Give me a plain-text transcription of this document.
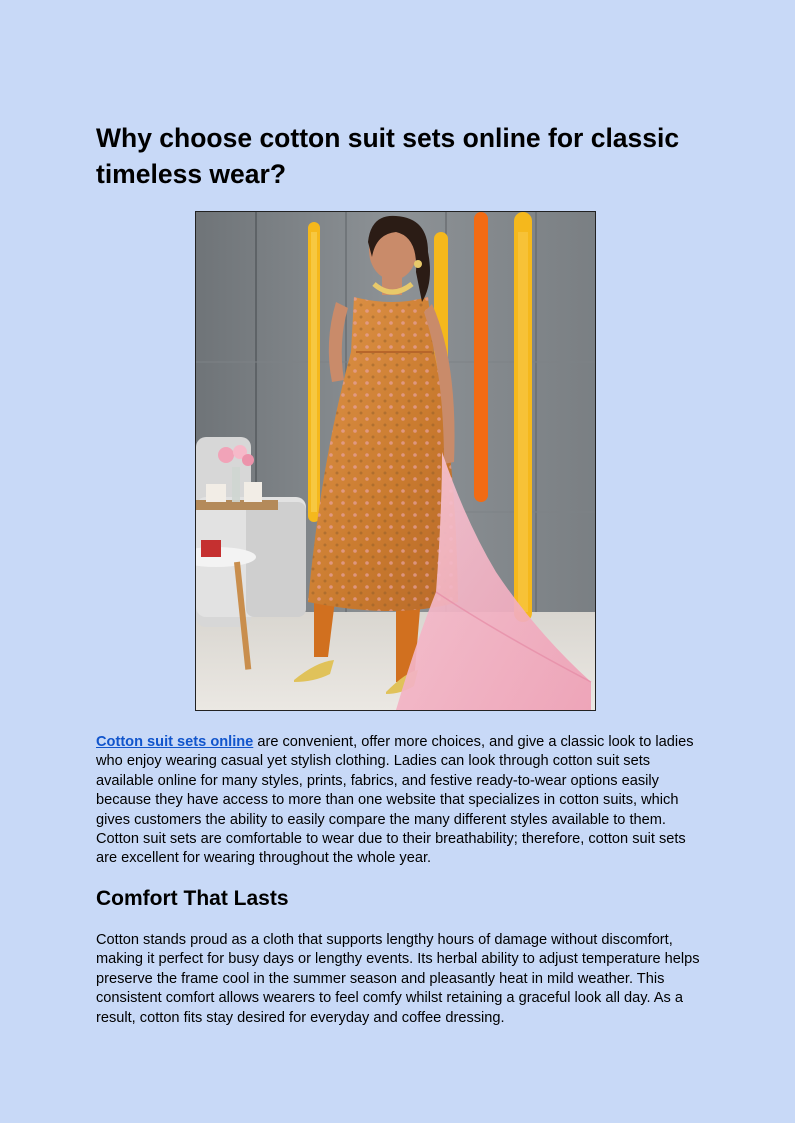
Why choose cotton suit sets online for classic timeless wear?

Cotton suit sets online are convenient, offer more choices, and give a classic look to ladies who enjoy wearing casual yet stylish clothing. Ladies can look through cotton suit sets available online for many styles, prints, fabrics, and festive ready-to-wear options easily because they have access to more than one website that specializes in cotton suits, which gives customers the ability to easily compare the many different styles available to them. Cotton suit sets are comfortable to wear due to their breathability; therefore, cotton suit sets are excellent for wearing throughout the whole year.

Comfort That Lasts

Cotton stands proud as a cloth that supports lengthy hours of damage without discomfort, making it perfect for busy days or lengthy events. Its herbal ability to adjust temperature helps preserve the frame cool in the summer season and pleasantly heat in mild weather. This consistent comfort allows wearers to feel comfy whilst retaining a graceful look all day. As a result, cotton fits stay desired for everyday and coffee dressing.
